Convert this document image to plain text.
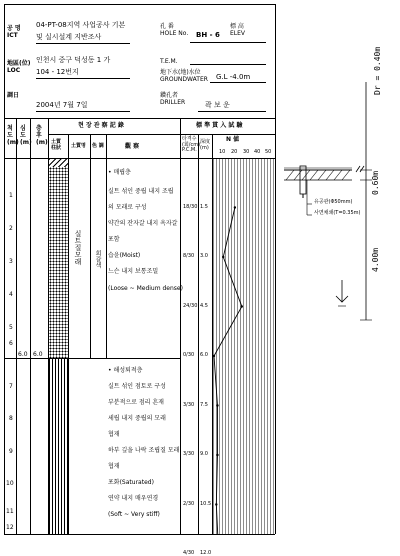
공 명
ICT
04-PT-08지역 사업공사 기본
및 실시설계 지반조사
孔 番
HOLE No. BH - 6
標 高
ELEV
地區(位)
LOC
인천시 중구 덕성동 1 가
104 - 12번지
T.E.M.
地下水(地)水位
GROUNDWATER G.L -4.0m
調日
2004년 7월 7일
鑽孔者
DRILLER	곽 보 운
척
도
(m)
심
도
(m)
층
후
(m)
현 장 관 察 記 錄
土質
柱狀 土質명 色 調	觀 察
標 準 貫 入 試 驗
타격수
(회/cm)
P.C.M.
深度
(m)
N 値
10 20 30 40 50
6.0 6.0
실트질모래 회갈색
• 매립층
실트 섞인 중립 내지 조립
의 모래로 구성
약간의 잔자갈 내지 옥자갈
포함
습윤(Moist)
느슨 내지 보통조밀
(Loose ~ Medium dense)
• 해성퇴적층
실트 섞인 점토로 구성
부분적으로 점리 흔재
세립 내지 중립의 모래
협재
하부 깊을 나락 조립질 모래
협재
포화(Saturated)
연약 내지 매우연경
(Soft ~ Very stiff)
1
2
3
4
5
6
7
8
9
10
11
12
18/30 1.5
8/30 3.0
24/30 4.5
0/30 6.0
3/30 7.5
3/30 9.0
2/30 10.5
4/30 12.0
Dr = 0.40m
0.60m
4.00m
유공관(Φ50mm)
사면채쇄(T=0.35m)
